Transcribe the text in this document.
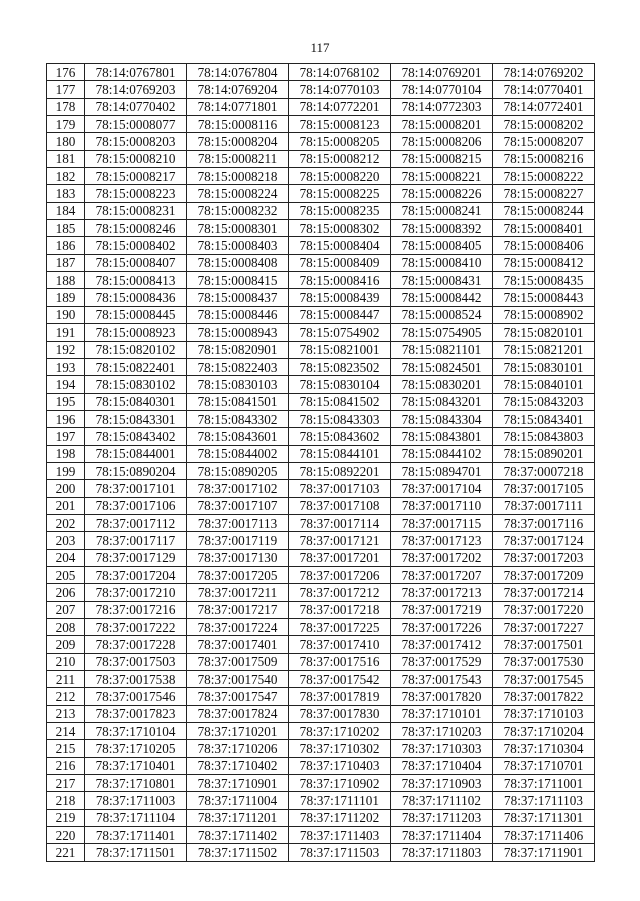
117
176	78:14:0767801	78:14:0767804	78:14:0768102	78:14:0769201	78:14:0769202
177	78:14:0769203	78:14:0769204	78:14:0770103	78:14:0770104	78:14:0770401
178	78:14:0770402	78:14:0771801	78:14:0772201	78:14:0772303	78:14:0772401
179	78:15:0008077	78:15:0008116	78:15:0008123	78:15:0008201	78:15:0008202
180	78:15:0008203	78:15:0008204	78:15:0008205	78:15:0008206	78:15:0008207
181	78:15:0008210	78:15:0008211	78:15:0008212	78:15:0008215	78:15:0008216
182	78:15:0008217	78:15:0008218	78:15:0008220	78:15:0008221	78:15:0008222
183	78:15:0008223	78:15:0008224	78:15:0008225	78:15:0008226	78:15:0008227
184	78:15:0008231	78:15:0008232	78:15:0008235	78:15:0008241	78:15:0008244
185	78:15:0008246	78:15:0008301	78:15:0008302	78:15:0008392	78:15:0008401
186	78:15:0008402	78:15:0008403	78:15:0008404	78:15:0008405	78:15:0008406
187	78:15:0008407	78:15:0008408	78:15:0008409	78:15:0008410	78:15:0008412
188	78:15:0008413	78:15:0008415	78:15:0008416	78:15:0008431	78:15:0008435
189	78:15:0008436	78:15:0008437	78:15:0008439	78:15:0008442	78:15:0008443
190	78:15:0008445	78:15:0008446	78:15:0008447	78:15:0008524	78:15:0008902
191	78:15:0008923	78:15:0008943	78:15:0754902	78:15:0754905	78:15:0820101
192	78:15:0820102	78:15:0820901	78:15:0821001	78:15:0821101	78:15:0821201
193	78:15:0822401	78:15:0822403	78:15:0823502	78:15:0824501	78:15:0830101
194	78:15:0830102	78:15:0830103	78:15:0830104	78:15:0830201	78:15:0840101
195	78:15:0840301	78:15:0841501	78:15:0841502	78:15:0843201	78:15:0843203
196	78:15:0843301	78:15:0843302	78:15:0843303	78:15:0843304	78:15:0843401
197	78:15:0843402	78:15:0843601	78:15:0843602	78:15:0843801	78:15:0843803
198	78:15:0844001	78:15:0844002	78:15:0844101	78:15:0844102	78:15:0890201
199	78:15:0890204	78:15:0890205	78:15:0892201	78:15:0894701	78:37:0007218
200	78:37:0017101	78:37:0017102	78:37:0017103	78:37:0017104	78:37:0017105
201	78:37:0017106	78:37:0017107	78:37:0017108	78:37:0017110	78:37:0017111
202	78:37:0017112	78:37:0017113	78:37:0017114	78:37:0017115	78:37:0017116
203	78:37:0017117	78:37:0017119	78:37:0017121	78:37:0017123	78:37:0017124
204	78:37:0017129	78:37:0017130	78:37:0017201	78:37:0017202	78:37:0017203
205	78:37:0017204	78:37:0017205	78:37:0017206	78:37:0017207	78:37:0017209
206	78:37:0017210	78:37:0017211	78:37:0017212	78:37:0017213	78:37:0017214
207	78:37:0017216	78:37:0017217	78:37:0017218	78:37:0017219	78:37:0017220
208	78:37:0017222	78:37:0017224	78:37:0017225	78:37:0017226	78:37:0017227
209	78:37:0017228	78:37:0017401	78:37:0017410	78:37:0017412	78:37:0017501
210	78:37:0017503	78:37:0017509	78:37:0017516	78:37:0017529	78:37:0017530
211	78:37:0017538	78:37:0017540	78:37:0017542	78:37:0017543	78:37:0017545
212	78:37:0017546	78:37:0017547	78:37:0017819	78:37:0017820	78:37:0017822
213	78:37:0017823	78:37:0017824	78:37:0017830	78:37:1710101	78:37:1710103
214	78:37:1710104	78:37:1710201	78:37:1710202	78:37:1710203	78:37:1710204
215	78:37:1710205	78:37:1710206	78:37:1710302	78:37:1710303	78:37:1710304
216	78:37:1710401	78:37:1710402	78:37:1710403	78:37:1710404	78:37:1710701
217	78:37:1710801	78:37:1710901	78:37:1710902	78:37:1710903	78:37:1711001
218	78:37:1711003	78:37:1711004	78:37:1711101	78:37:1711102	78:37:1711103
219	78:37:1711104	78:37:1711201	78:37:1711202	78:37:1711203	78:37:1711301
220	78:37:1711401	78:37:1711402	78:37:1711403	78:37:1711404	78:37:1711406
221	78:37:1711501	78:37:1711502	78:37:1711503	78:37:1711803	78:37:1711901
